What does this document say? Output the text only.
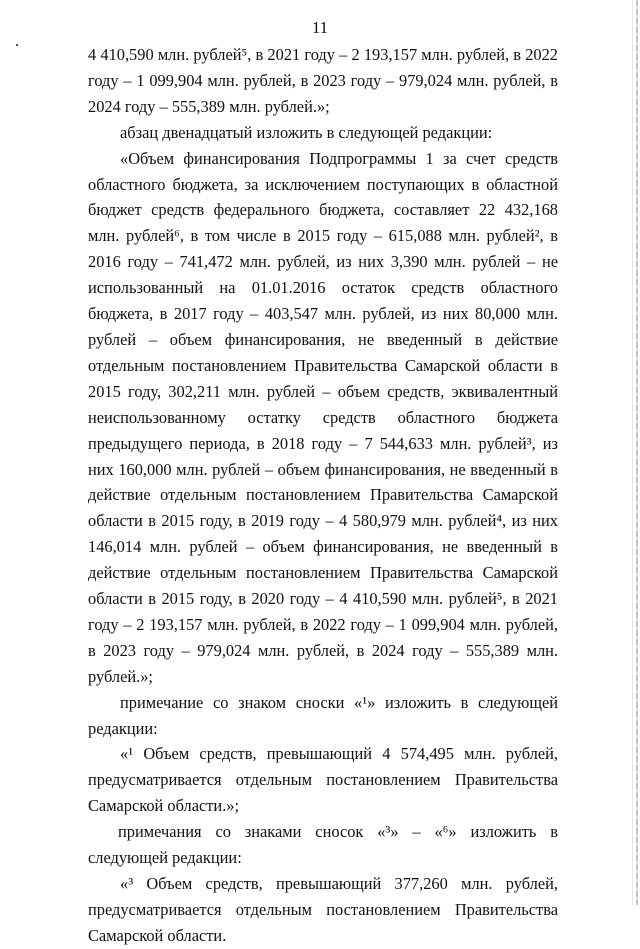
11

4 410,590 млн. рублей⁵, в 2021 году – 2 193,157 млн. рублей, в 2022 году – 1 099,904 млн. рублей, в 2023 году – 979,024 млн. рублей, в 2024 году – 555,389 млн. рублей.»;

абзац двенадцатый изложить в следующей редакции:

«Объем финансирования Подпрограммы 1 за счет средств областного бюджета, за исключением поступающих в областной бюджет средств федерального бюджета, составляет 22 432,168 млн. рублей⁶, в том числе в 2015 году – 615,088 млн. рублей², в 2016 году – 741,472 млн. рублей, из них 3,390 млн. рублей – не использованный на 01.01.2016 остаток средств областного бюджета, в 2017 году – 403,547 млн. рублей, из них 80,000 млн. рублей – объем финансирования, не введенный в действие отдельным постановлением Правительства Самарской области в 2015 году, 302,211 млн. рублей – объем средств, эквивалентный неиспользованному остатку средств областного бюджета предыдущего периода, в 2018 году – 7 544,633 млн. рублей³, из них 160,000 млн. рублей – объем финансирования, не введенный в действие отдельным постановлением Правительства Самарской области в 2015 году, в 2019 году – 4 580,979 млн. рублей⁴, из них 146,014 млн. рублей – объем финансирования, не введенный в действие отдельным постановлением Правительства Самарской области в 2015 году, в 2020 году – 4 410,590 млн. рублей⁵, в 2021 году – 2 193,157 млн. рублей, в 2022 году – 1 099,904 млн. рублей, в 2023 году – 979,024 млн. рублей, в 2024 году – 555,389 млн. рублей.»;

примечание со знаком сноски «¹» изложить в следующей редакции:

«¹ Объем средств, превышающий 4 574,495 млн. рублей, предусматривается отдельным постановлением Правительства Самарской области.»;

примечания со знаками сносок «³» – «⁶» изложить в следующей редакции:

«³ Объем средств, превышающий 377,260 млн. рублей, предусматривается отдельным постановлением Правительства Самарской области.
